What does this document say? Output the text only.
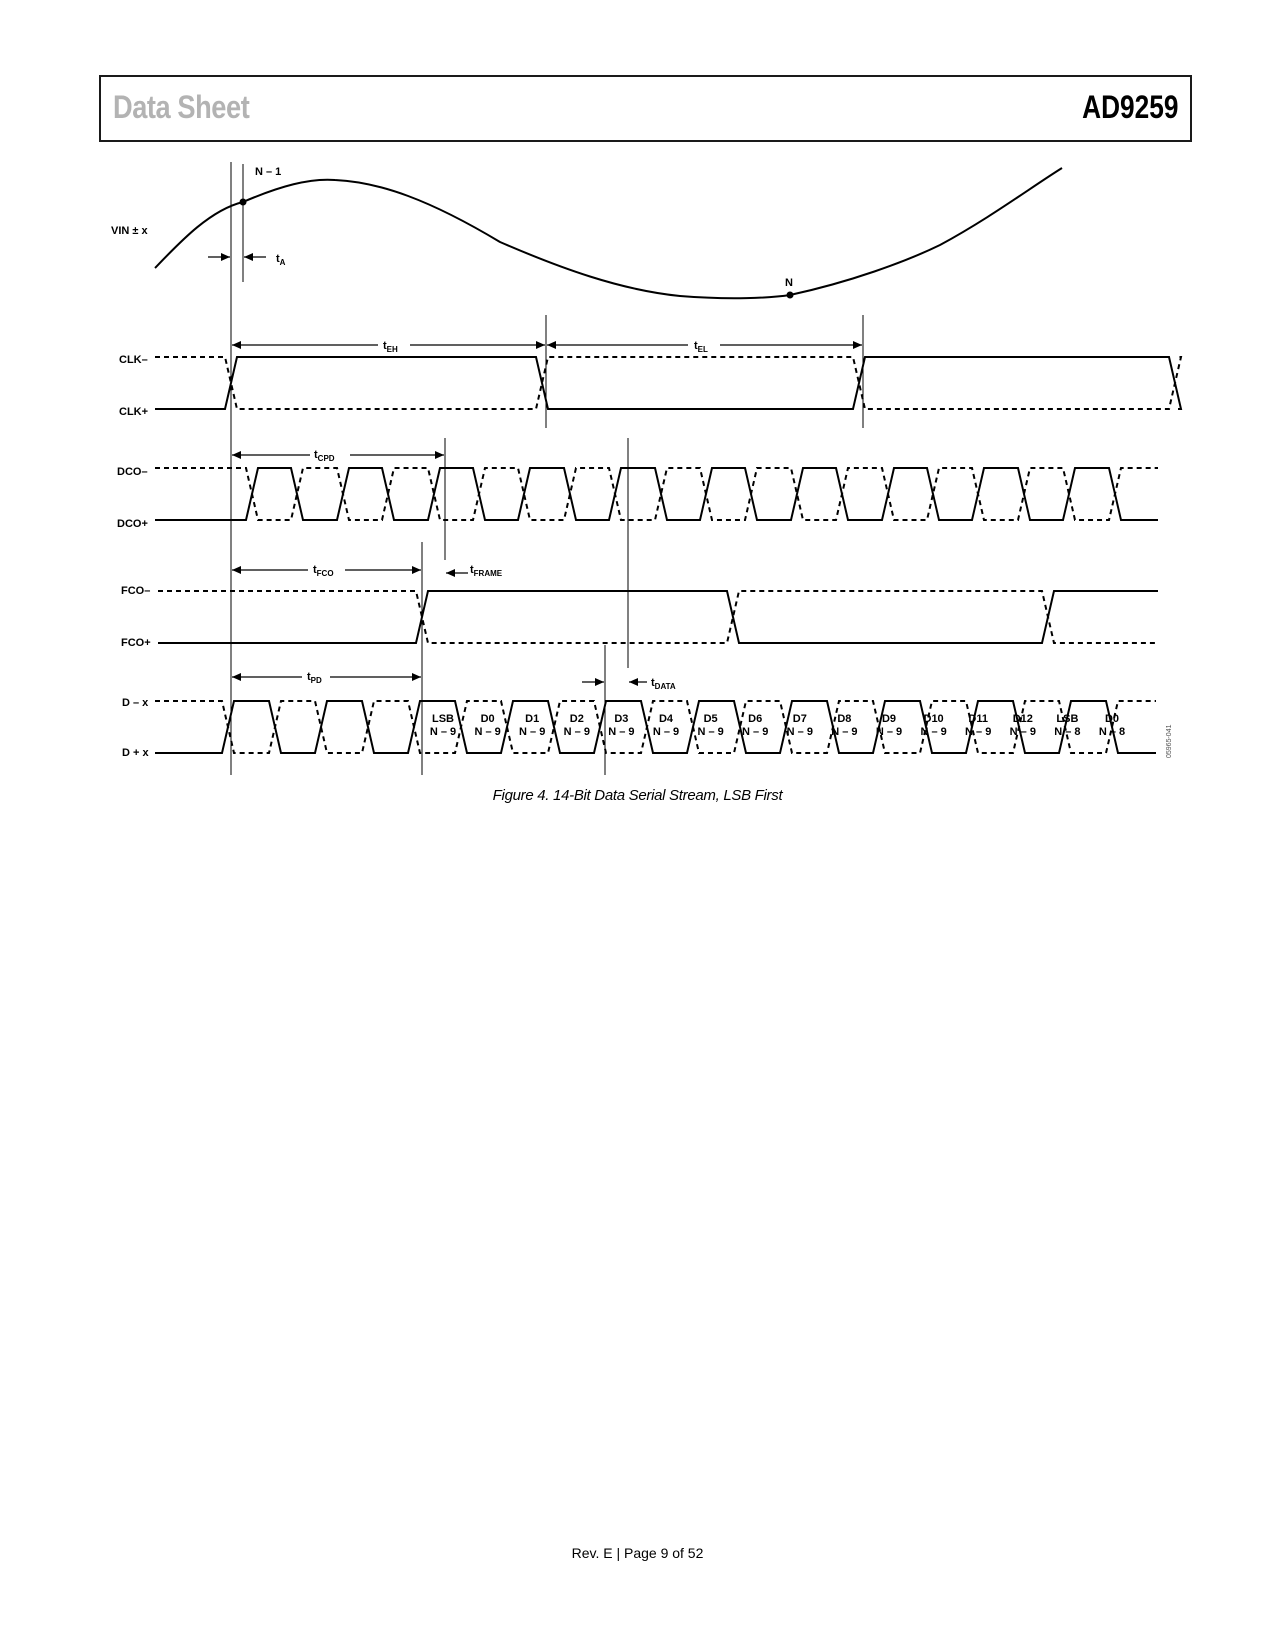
Data Sheet	AD9259
VIN ± x
N – 1
N
CLK–
CLK+
DCO–
DCO+
FCO–
FCO+
D – x
D + x
$t_A$
$t_{EH}$	$t_{EL}$
$t_{CPD}$
$t_{FCO}$	$t_{FRAME}$
$t_{PD}$	$t_{DATA}$
LSB
N – 9
D0
N – 9
D1
N – 9
D2
N – 9
D3
N – 9
D4
N – 9
D5
N – 9
D6
N – 9
D7
N – 9
D8
N – 9
D9
N – 9
D10
N – 9
D11
N – 9
D12
N – 9
LSB
N – 8
D0
N – 8	05965-041
Figure 4. 14-Bit Data Serial Stream, LSB First
Rev. E | Page 9 of 52
